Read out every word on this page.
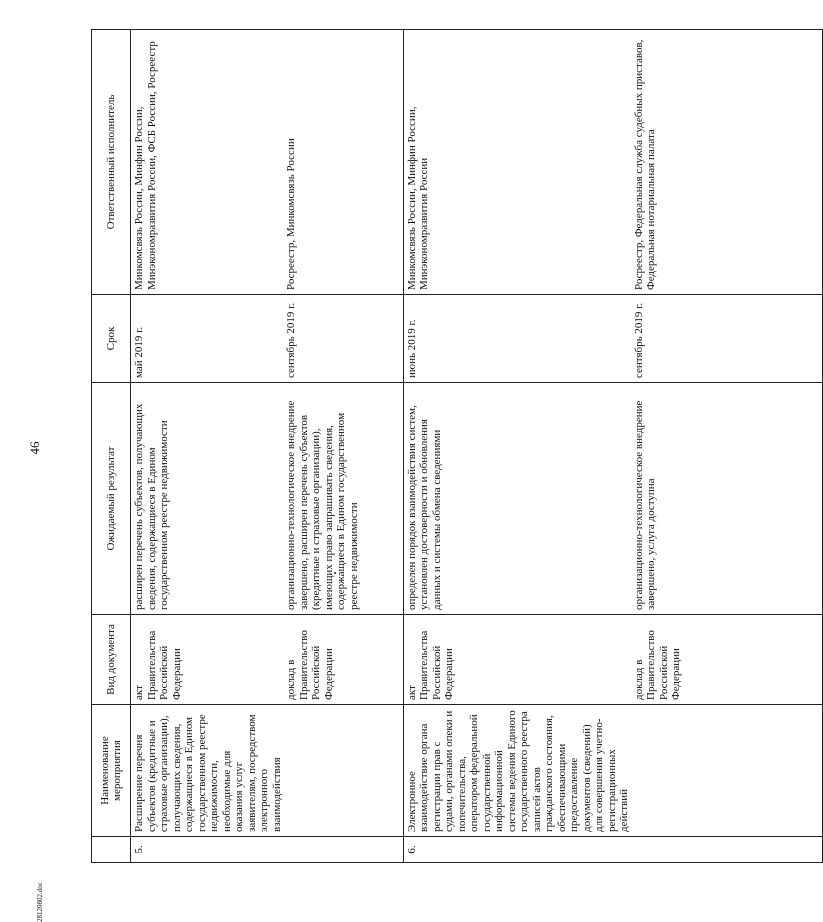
46
28120802.doc
	Наименование мероприятия	Вид документа	Ожидаемый результат	Срок	Ответственный исполнитель
5.	Расширение перечня субъектов (кредитные и страховые организации), получающих сведения, содержащиеся в Едином государственном реестре недвижимости, необходимые для оказания услуг заявителям, посредством электронного взаимодействия	акт Правительства Российской Федерации	расширен перечень субъектов, получающих сведения, содержащиеся в Едином государственном реестре недвижимости	май 2019 г.	Минкомсвязь России, Минфин России, Минэкономразвития России, ФСБ России, Росреестр
		доклад в Правительство Российской Федерации	организационно-технологическое внедрение завершено, расширен перечень субъектов (кредитные и страховые организации), имеющих право запрашивать сведения, содержащиеся в Едином государственном реестре недвижимости	сентябрь 2019 г.	Росреестр, Минкомсвязь России
6.	Электронное взаимодействие органа регистрации прав с судами, органами опеки и попечительства, оператором федеральной государственной информационной системы ведения Единого государственного реестра записей актов гражданского состояния, обеспечивающими предоставление документов (сведений) для совершения учетно-регистрационных действий	акт Правительства Российской Федерации	определен порядок взаимодействия систем, установлен достоверности и обновления данных и системы обмена сведениями	июнь 2019 г.	Минкомсвязь России, Минфин России, Минэкономразвития России
		доклад в Правительство Российской Федерации	организационно-технологическое внедрение завершено, услуга доступна	сентябрь 2019 г.	Росреестр, Федеральная служба судебных приставов, Федеральная нотариальная палата
